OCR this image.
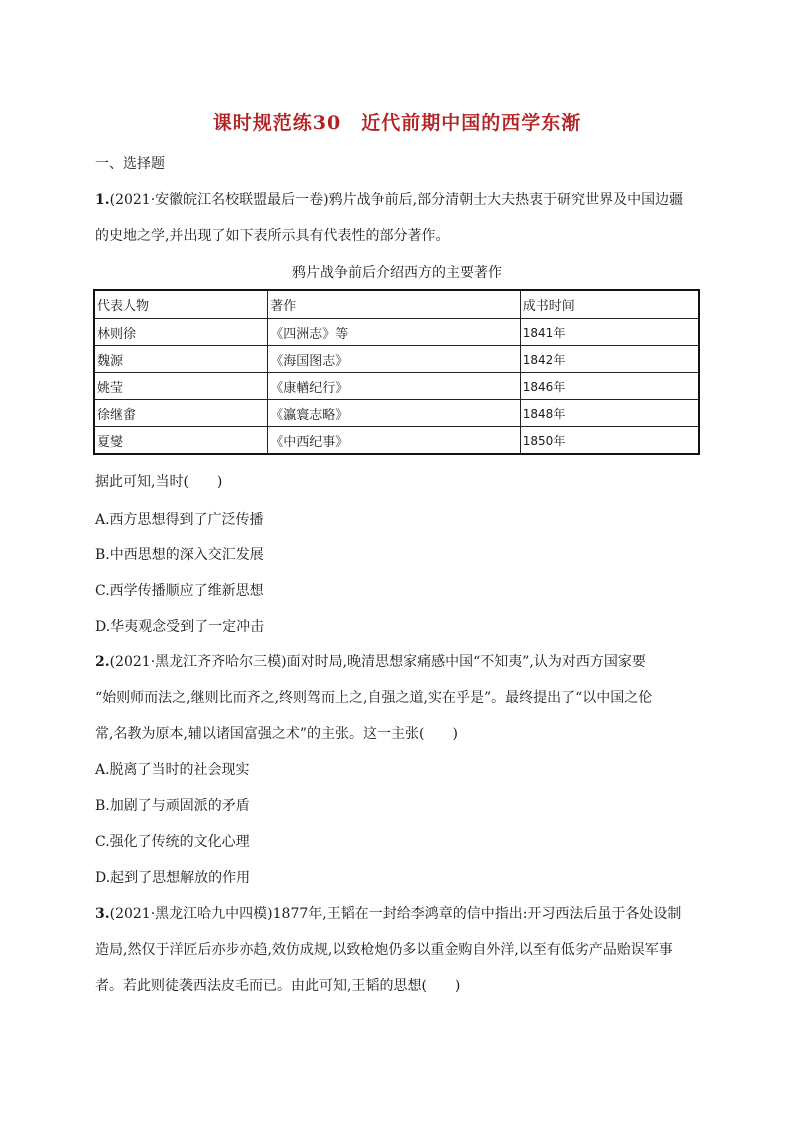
课时规范练30　近代前期中国的西学东渐
一、选择题
1.(2021·安徽皖江名校联盟最后一卷)鸦片战争前后,部分清朝士大夫热衷于研究世界及中国边疆
的史地之学,并出现了如下表所示具有代表性的部分著作。
鸦片战争前后介绍西方的主要著作
代表人物	著作	成书时间
林则徐	《四洲志》等	1841年
魏源	《海国图志》	1842年
姚莹	《康輶纪行》	1846年
徐继畬	《瀛寰志略》	1848年
夏燮	《中西纪事》	1850年
据此可知,当时(　　)
A.西方思想得到了广泛传播
B.中西思想的深入交汇发展
C.西学传播顺应了维新思想
D.华夷观念受到了一定冲击
2.(2021·黑龙江齐齐哈尔三模)面对时局,晚清思想家痛感中国“不知夷”,认为对西方国家要
“始则师而法之,继则比而齐之,终则驾而上之,自强之道,实在乎是”。最终提出了“以中国之伦
常,名教为原本,辅以诸国富强之术”的主张。这一主张(　　)
A.脱离了当时的社会现实
B.加剧了与顽固派的矛盾
C.强化了传统的文化心理
D.起到了思想解放的作用
3.(2021·黑龙江哈九中四模)1877年,王韬在一封给李鸿章的信中指出:开习西法后虽于各处设制
造局,然仅于洋匠后亦步亦趋,效仿成规,以致枪炮仍多以重金购自外洋,以至有低劣产品贻误军事
者。若此则徒袭西法皮毛而已。由此可知,王韬的思想(　　)
